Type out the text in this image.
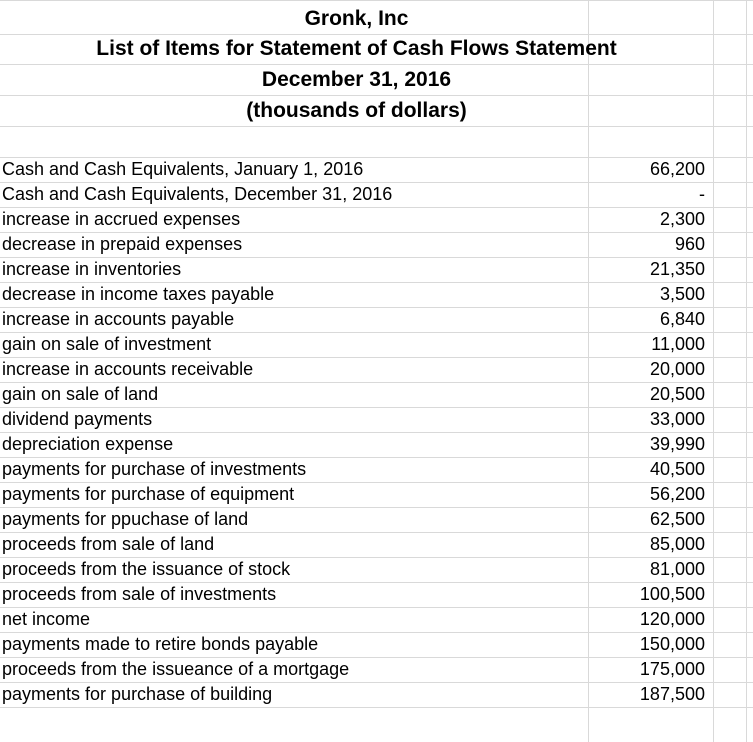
Gronk, Inc
List of Items for Statement of Cash Flows Statement
December 31, 2016
(thousands of dollars)
Cash and Cash Equivalents, January 1, 2016	66,200
Cash and Cash Equivalents, December 31, 2016	-
increase in accrued expenses	2,300
decrease in prepaid expenses	960
increase in inventories	21,350
decrease in income taxes payable	3,500
increase in accounts payable	6,840
gain on sale of investment	11,000
increase in accounts receivable	20,000
gain on sale of land	20,500
dividend payments	33,000
depreciation expense	39,990
payments for purchase of investments	40,500
payments for purchase of equipment	56,200
payments for ppuchase of land	62,500
proceeds from sale of land	85,000
proceeds from the issuance of stock	81,000
proceeds from sale of investments	100,500
net income	120,000
payments made to retire bonds payable	150,000
proceeds from the issueance of a mortgage	175,000
payments for purchase of building	187,500
